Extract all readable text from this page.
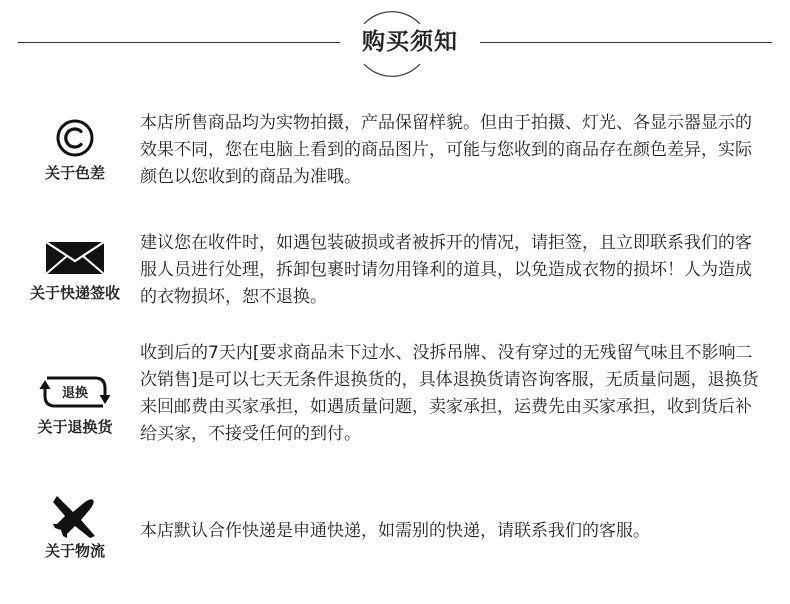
购买须知
关于色差
本店所售商品均为实物拍摄，产品保留样貌。但由于拍摄、灯光、各显示器显示的效果不同，您在电脑上看到的商品图片，可能与您收到的商品存在颜色差异，实际颜色以您收到的商品为准哦。
关于快递签收
建议您在收件时，如遇包装破损或者被拆开的情况，请拒签，且立即联系我们的客服人员进行处理，拆卸包裹时请勿用锋利的道具，以免造成衣物的损坏！人为造成的衣物损坏，恕不退换。
退换
关于退换货
收到后的7天内[要求商品未下过水、没拆吊牌、没有穿过的无残留气味且不影响二次销售]是可以七天无条件退换货的，具体退换货请咨询客服，无质量问题，退换货来回邮费由买家承担，如遇质量问题，卖家承担，运费先由买家承担，收到货后补给买家，不接受任何的到付。
关于物流
本店默认合作快递是申通快递，如需别的快递，请联系我们的客服。
